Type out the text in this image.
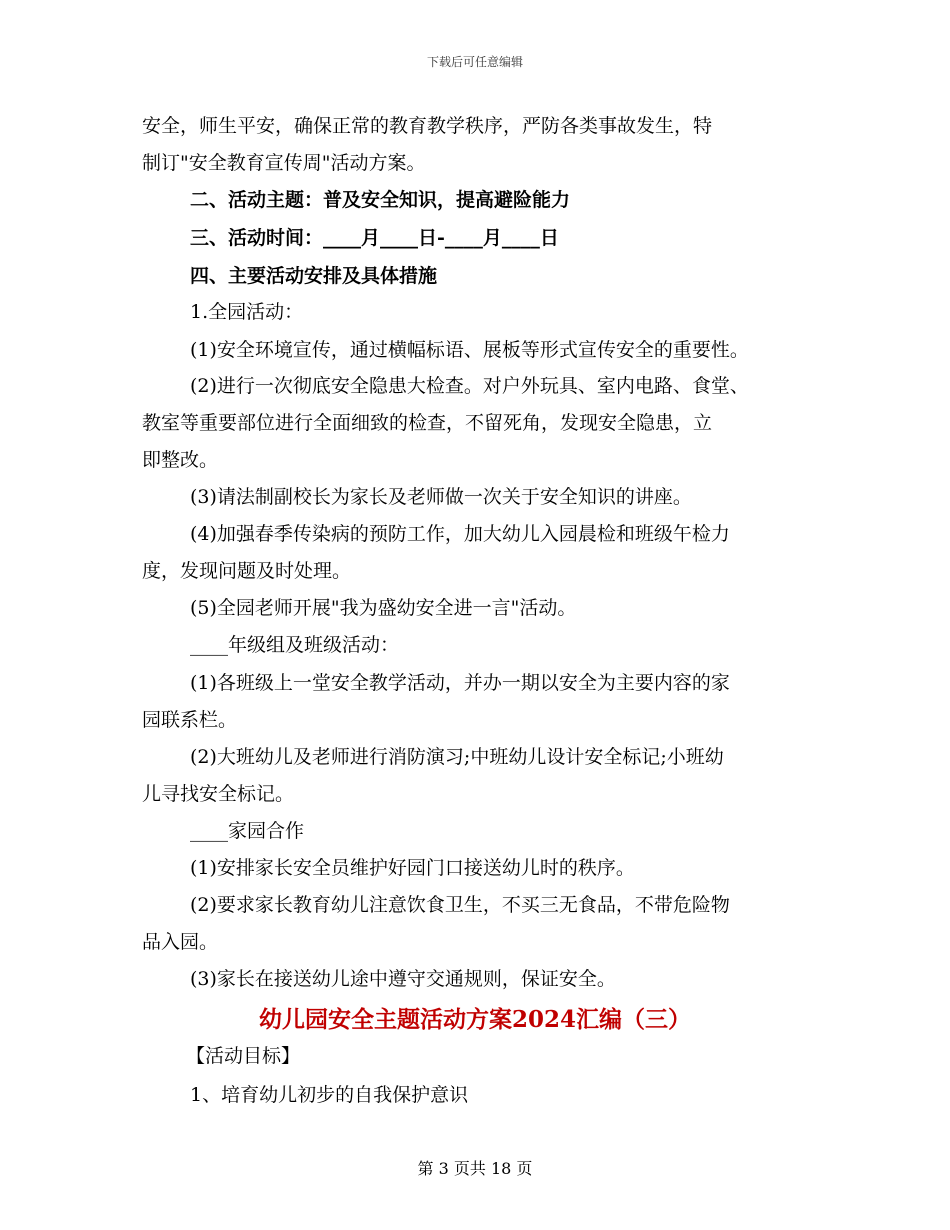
下载后可任意编辑
安全，师生平安，确保正常的教育教学秩序，严防各类事故发生，特
制订"安全教育宣传周"活动方案。
二、活动主题：普及安全知识，提高避险能力
三、活动时间：____月____日-____月____日
四、主要活动安排及具体措施
1.全园活动：
(1)安全环境宣传，通过横幅标语、展板等形式宣传安全的重要性。
(2)进行一次彻底安全隐患大检查。对户外玩具、室内电路、食堂、
教室等重要部位进行全面细致的检查，不留死角，发现安全隐患，立
即整改。
(3)请法制副校长为家长及老师做一次关于安全知识的讲座。
(4)加强春季传染病的预防工作，加大幼儿入园晨检和班级午检力
度，发现问题及时处理。
(5)全园老师开展"我为盛幼安全进一言"活动。
____年级组及班级活动：
(1)各班级上一堂安全教学活动，并办一期以安全为主要内容的家
园联系栏。
(2)大班幼儿及老师进行消防演习;中班幼儿设计安全标记;小班幼
儿寻找安全标记。
____家园合作
(1)安排家长安全员维护好园门口接送幼儿时的秩序。
(2)要求家长教育幼儿注意饮食卫生，不买三无食品，不带危险物
品入园。
(3)家长在接送幼儿途中遵守交通规则，保证安全。
幼儿园安全主题活动方案2024汇编（三）
【活动目标】
1、培育幼儿初步的自我保护意识
第 3 页共 18 页
